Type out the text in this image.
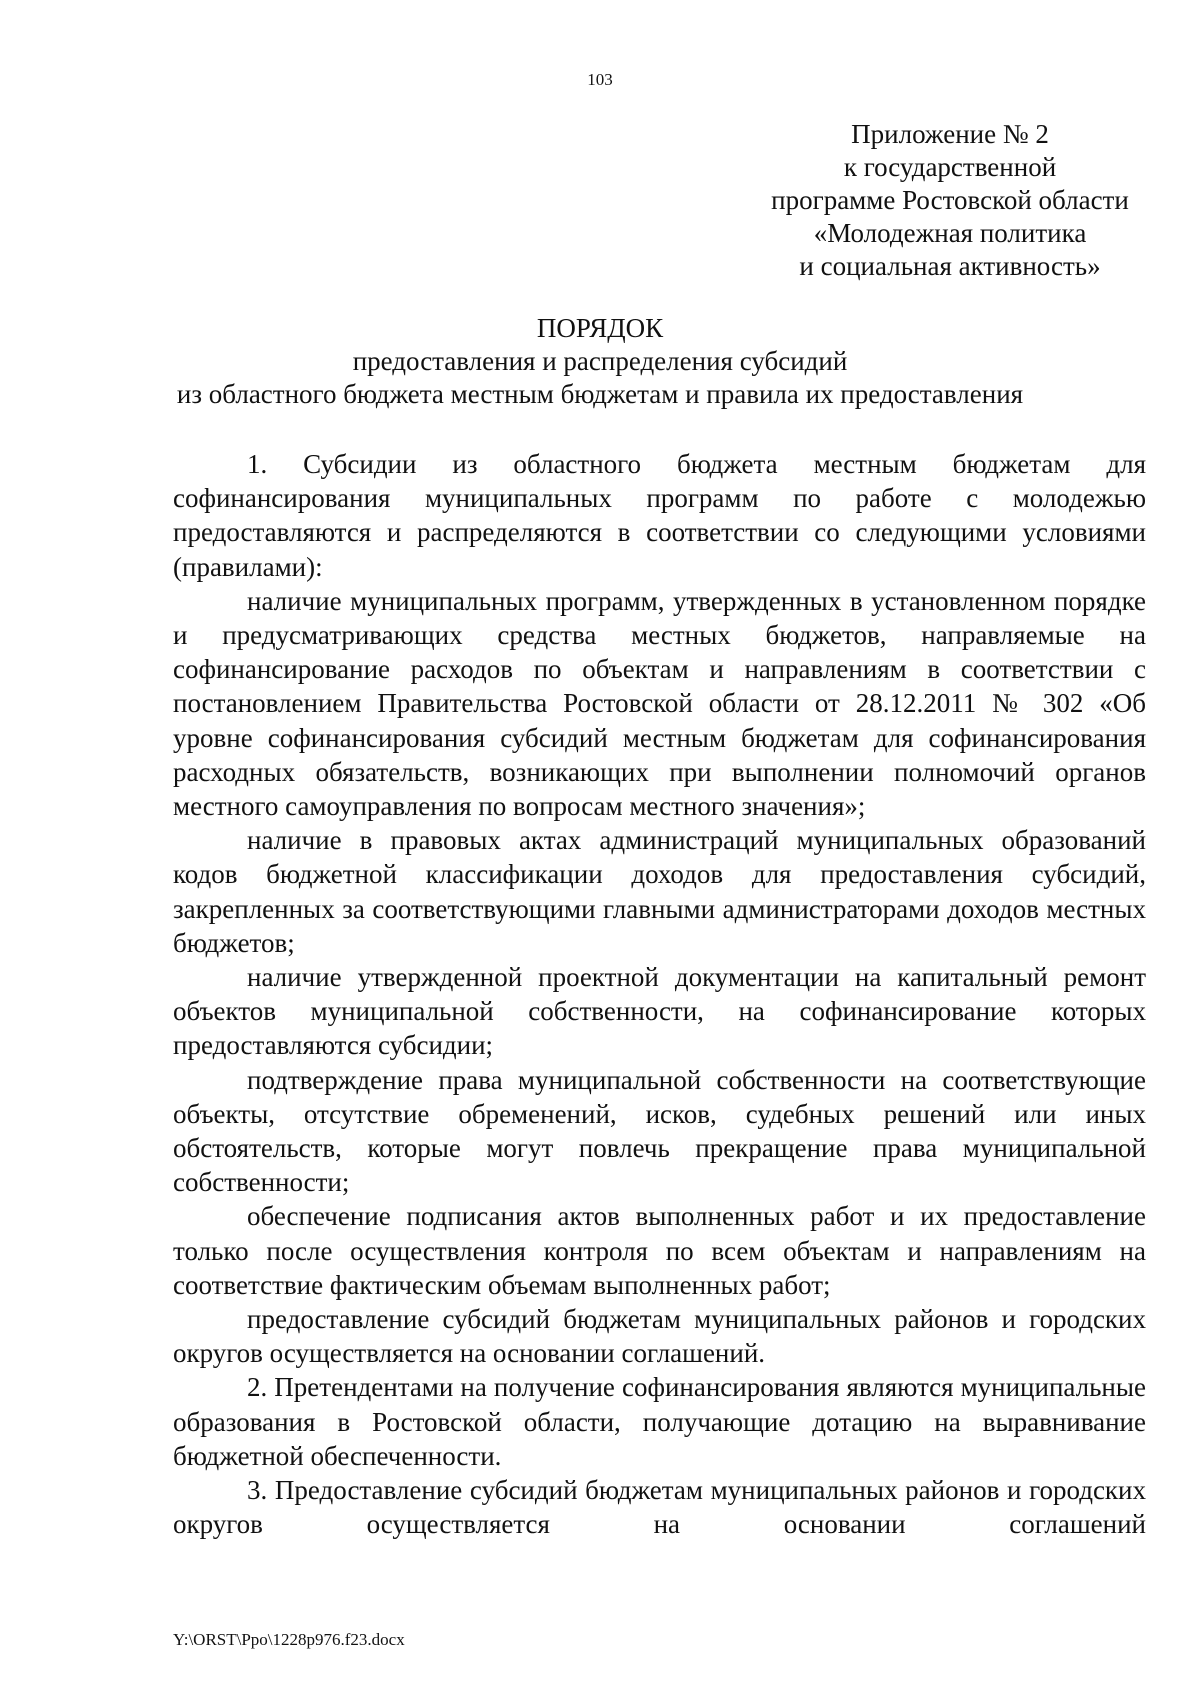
103
Приложение № 2
к государственной
программе Ростовской области
«Молодежная политика
и социальная активность»
ПОРЯДОК
предоставления и распределения субсидий
из областного бюджета местным бюджетам и правила их предоставления

1. Субсидии из областного бюджета местным бюджетам для софинансирования муниципальных программ по работе с молодежью предоставляются и распределяются в соответствии со следующими условиями (правилами):

наличие муниципальных программ, утвержденных в установленном порядке и предусматривающих средства местных бюджетов, направляемые на софинансирование расходов по объектам и направлениям в соответствии с постановлением Правительства Ростовской области от 28.12.2011 № 302 «Об уровне софинансирования субсидий местным бюджетам для софинансирования расходных обязательств, возникающих при выполнении полномочий органов местного самоуправления по вопросам местного значения»;

наличие в правовых актах администраций муниципальных образований кодов бюджетной классификации доходов для предоставления субсидий, закрепленных за соответствующими главными администраторами доходов местных бюджетов;

наличие утвержденной проектной документации на капитальный ремонт объектов муниципальной собственности, на софинансирование которых предоставляются субсидии;

подтверждение права муниципальной собственности на соответствующие объекты, отсутствие обременений, исков, судебных решений или иных обстоятельств, которые могут повлечь прекращение права муниципальной собственности;

обеспечение подписания актов выполненных работ и их предоставление только после осуществления контроля по всем объектам и направлениям на соответствие фактическим объемам выполненных работ;

предоставление субсидий бюджетам муниципальных районов и городских округов осуществляется на основании соглашений.

2. Претендентами на получение софинансирования являются муниципальные образования в Ростовской области, получающие дотацию на выравнивание бюджетной обеспеченности.

3. Предоставление субсидий бюджетам муниципальных районов и городских округов осуществляется на основании соглашений

Y:\ORST\Ppo\1228p976.f23.docx
